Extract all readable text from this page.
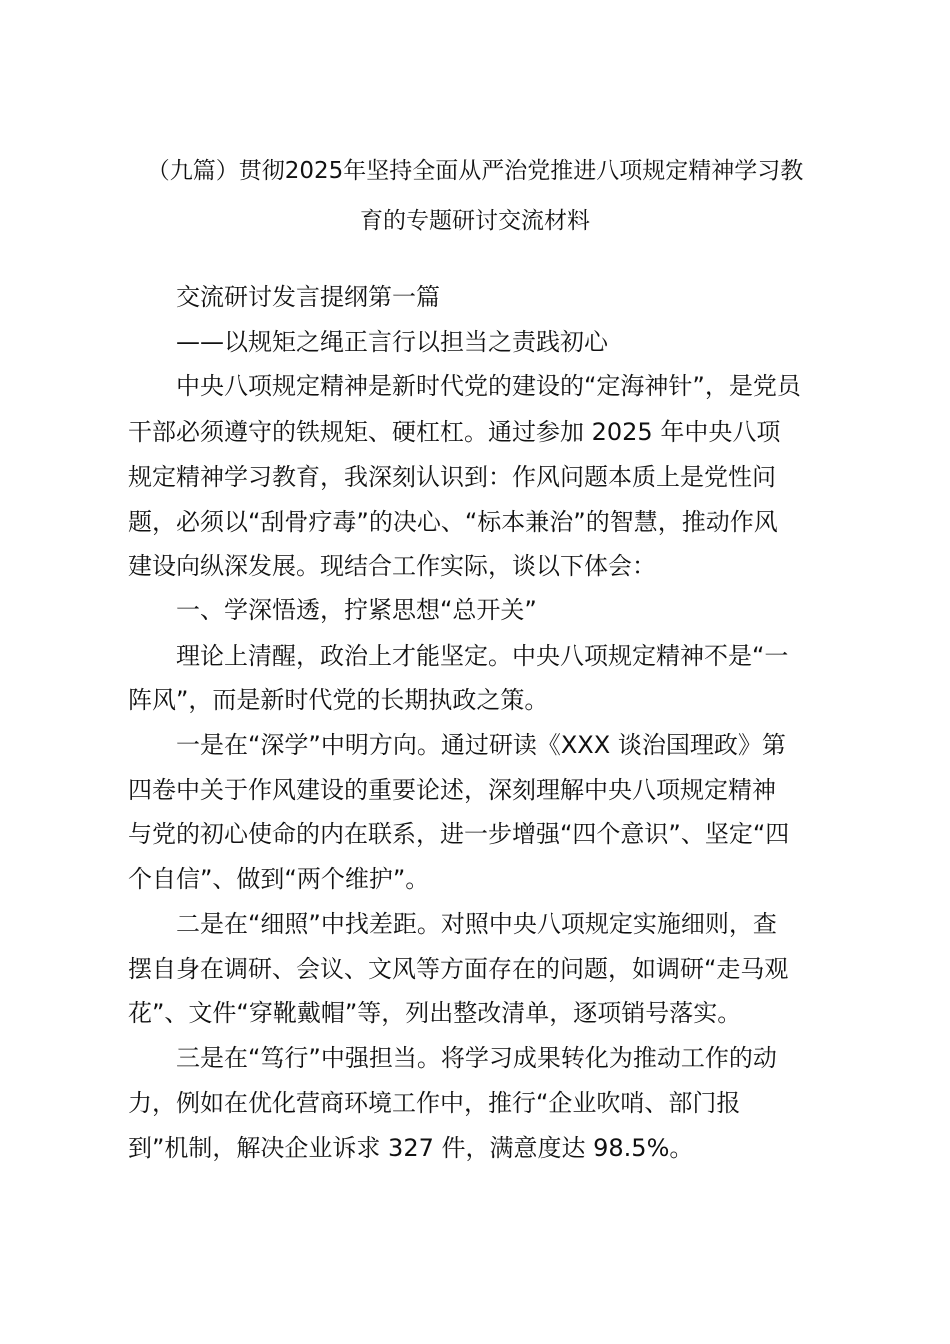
（九篇）贯彻2025年坚持全面从严治党推进八项规定精神学习教
育的专题研讨交流材料
交流研讨发言提纲第一篇
——以规矩之绳正言行以担当之责践初心
中央八项规定精神是新时代党的建设的“定海神针”，是党员
干部必须遵守的铁规矩、硬杠杠。通过参加 2025 年中央八项
规定精神学习教育，我深刻认识到：作风问题本质上是党性问
题，必须以“刮骨疗毒”的决心、“标本兼治”的智慧，推动作风
建设向纵深发展。现结合工作实际，谈以下体会：
一、学深悟透，拧紧思想“总开关”
理论上清醒，政治上才能坚定。中央八项规定精神不是“一
阵风”，而是新时代党的长期执政之策。
一是在“深学”中明方向。通过研读《XXX 谈治国理政》第
四卷中关于作风建设的重要论述，深刻理解中央八项规定精神
与党的初心使命的内在联系，进一步增强“四个意识”、坚定“四
个自信”、做到“两个维护”。
二是在“细照”中找差距。对照中央八项规定实施细则，查
摆自身在调研、会议、文风等方面存在的问题，如调研“走马观
花”、文件“穿靴戴帽”等，列出整改清单，逐项销号落实。
三是在“笃行”中强担当。将学习成果转化为推动工作的动
力，例如在优化营商环境工作中，推行“企业吹哨、部门报
到”机制，解决企业诉求 327 件，满意度达 98.5%。
